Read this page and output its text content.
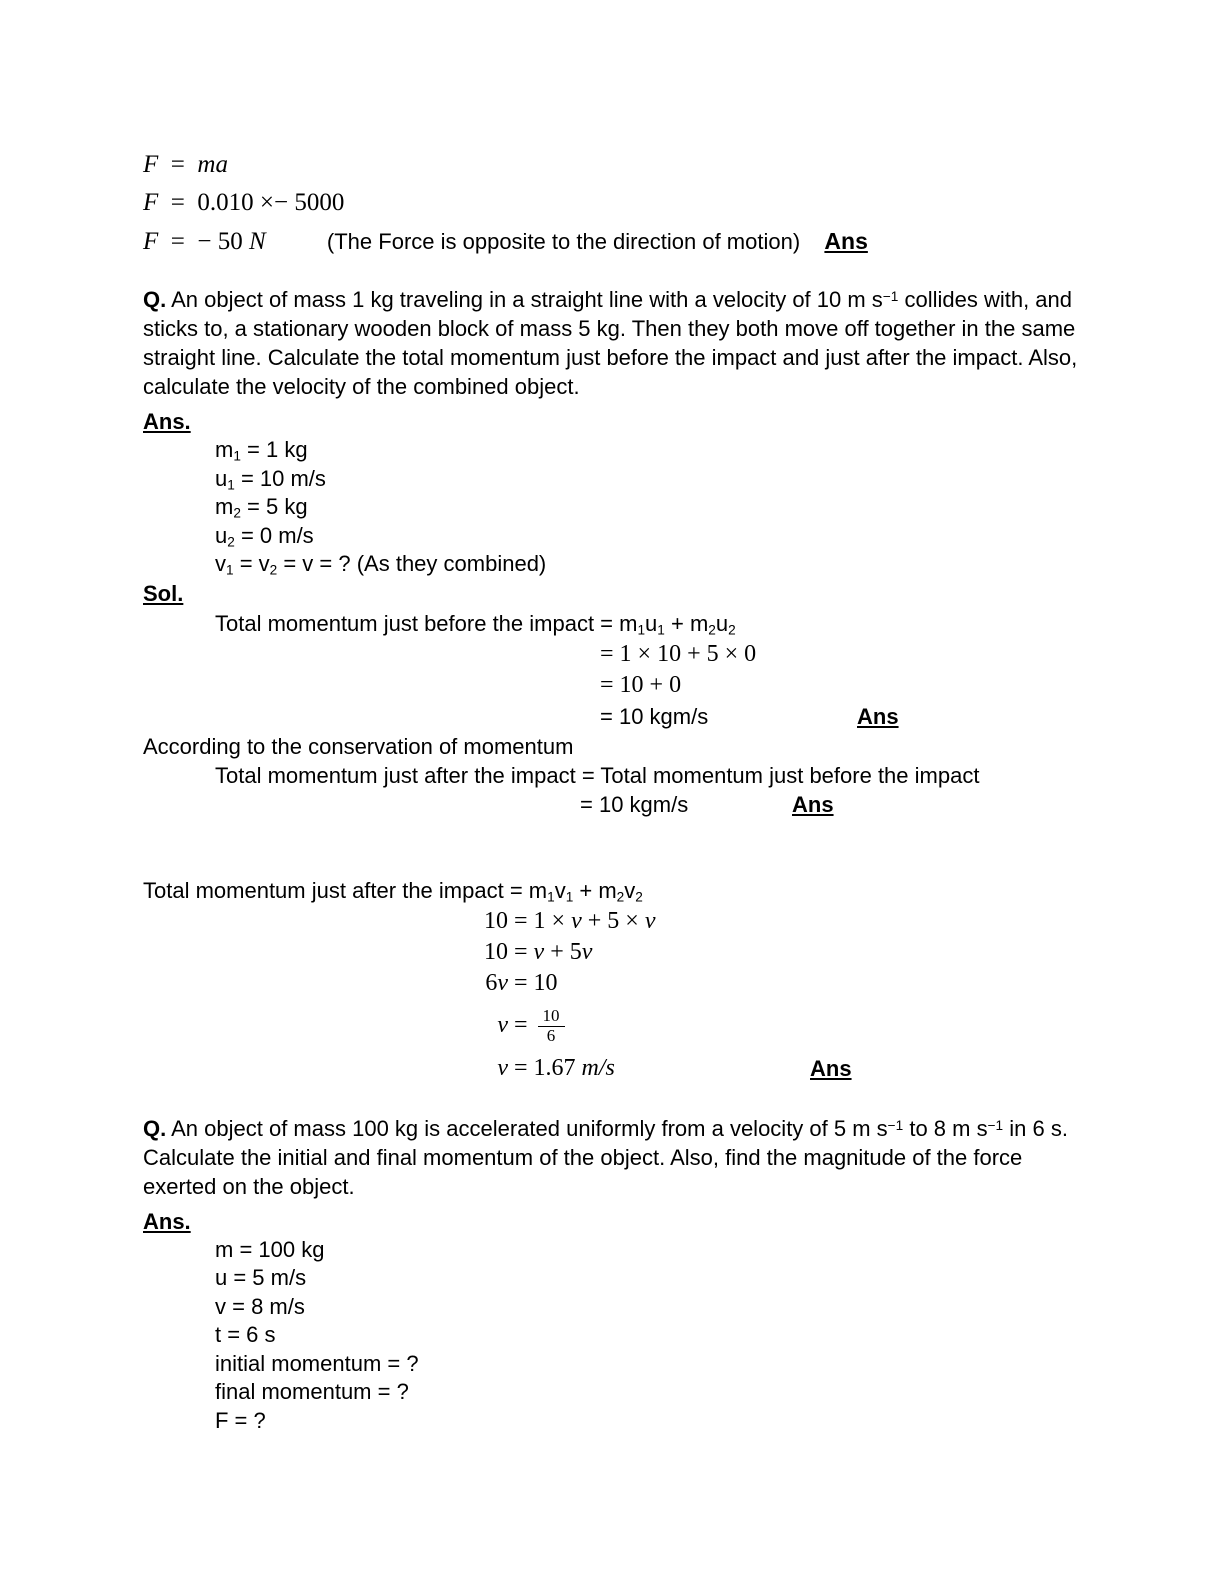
F  =  ma
F  =  0.010 ×− 5000
F  =  − 50 N	(The Force is opposite to the direction of motion) Ans
Q. An object of mass 1 kg traveling in a straight line with a velocity of 10 m $s^{-1}$ collides with, and sticks to, a stationary wooden block of mass 5 kg. Then they both move off together in the same straight line. Calculate the total momentum just before the impact and just after the impact. Also, calculate the velocity of the combined object.
Ans.
$m_1 = 1$ kg
$u_1 = 10$ m/s
$m_2 = 5$ kg
$u_2 = 0$ m/s
$v_1 = v_2 = v$ = ? (As they combined)
Sol.
Total momentum just before the impact = $m_1u_1 + m_2u_2$
= 1 × 10 + 5 × 0
= 10 + 0
= 10 kgm/s	Ans
According to the conservation of momentum
Total momentum just after the impact = Total momentum just before the impact
= 10 kgm/s	Ans
Total momentum just after the impact = $m_1v_1 + m_2v_2$
10 = 1 × v + 5 × v
10 = v + 5v
6v = 10
$v = \frac{10}{6}$
v = 1.67 m/s	Ans
Q. An object of mass 100 kg is accelerated uniformly from a velocity of 5 m $s^{-1}$ to 8 m $s^{-1}$ in 6 s. Calculate the initial and final momentum of the object. Also, find the magnitude of the force exerted on the object.
Ans.
m = 100 kg
u = 5 m/s
v = 8 m/s
t = 6 s
initial momentum = ?
final momentum = ?
F = ?
